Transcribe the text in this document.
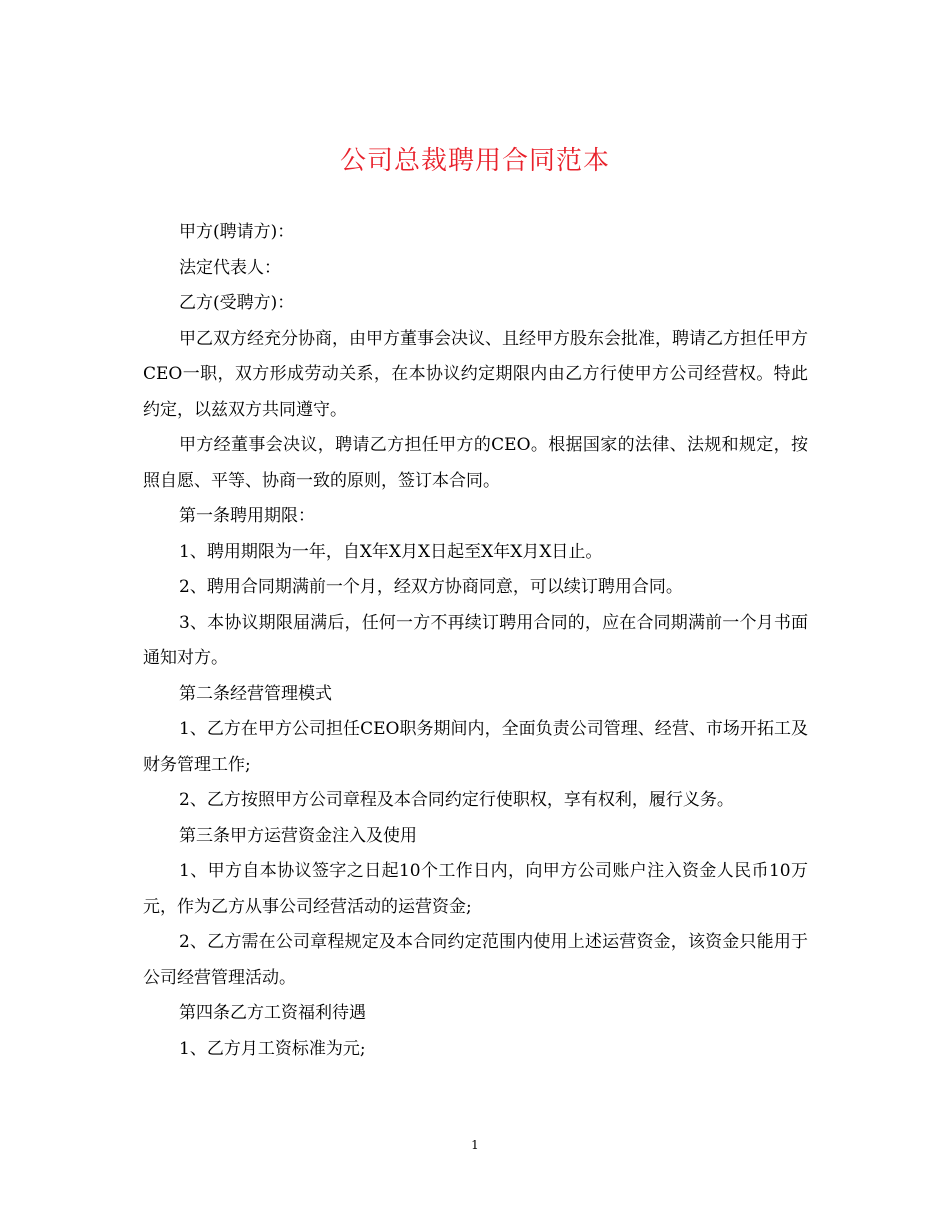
公司总裁聘用合同范本

甲方(聘请方)：

法定代表人：

乙方(受聘方)：

甲乙双方经充分协商，由甲方董事会决议、且经甲方股东会批准，聘请乙方担任甲方CEO一职，双方形成劳动关系，在本协议约定期限内由乙方行使甲方公司经营权。特此约定，以兹双方共同遵守。

甲方经董事会决议，聘请乙方担任甲方的CEO。根据国家的法律、法规和规定，按照自愿、平等、协商一致的原则，签订本合同。

第一条聘用期限：

1、聘用期限为一年，自X年X月X日起至X年X月X日止。

2、聘用合同期满前一个月，经双方协商同意，可以续订聘用合同。

3、本协议期限届满后，任何一方不再续订聘用合同的，应在合同期满前一个月书面通知对方。

第二条经营管理模式

1、乙方在甲方公司担任CEO职务期间内，全面负责公司管理、经营、市场开拓工及财务管理工作;

2、乙方按照甲方公司章程及本合同约定行使职权，享有权利，履行义务。

第三条甲方运营资金注入及使用

1、甲方自本协议签字之日起10个工作日内，向甲方公司账户注入资金人民币10万元，作为乙方从事公司经营活动的运营资金;

2、乙方需在公司章程规定及本合同约定范围内使用上述运营资金，该资金只能用于公司经营管理活动。

第四条乙方工资福利待遇

1、乙方月工资标准为元;

1
